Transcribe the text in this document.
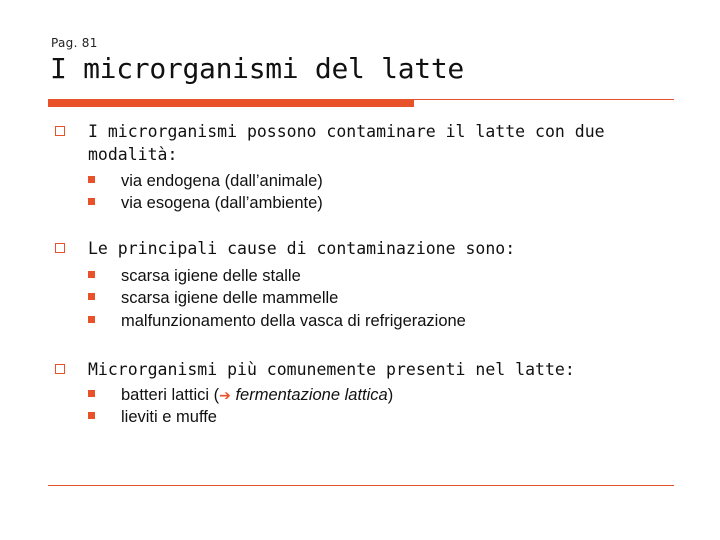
Pag. 81
I microrganismi del latte
I microrganismi possono contaminare il latte con due
modalità:
via endogena (dall’animale)
via esogena (dall’ambiente)
Le principali cause di contaminazione sono:
scarsa igiene delle stalle
scarsa igiene delle mammelle
malfunzionamento della vasca di refrigerazione
Microrganismi più comunemente presenti nel latte:
batteri lattici (➔ fermentazione lattica)
lieviti e muffe
